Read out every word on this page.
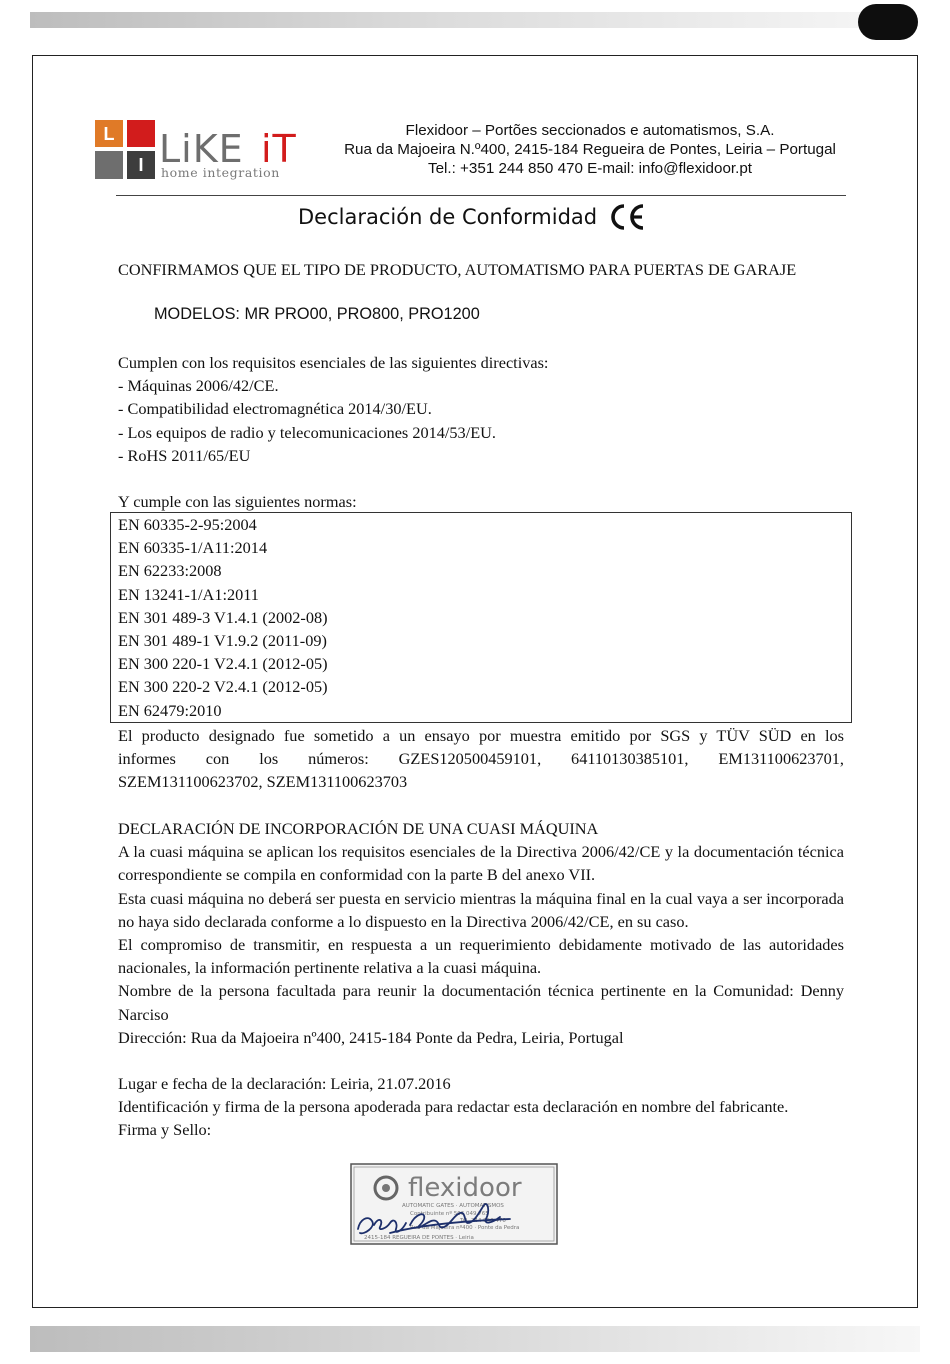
L
I LiKE iT
home integration
Flexidoor – Portões seccionados e automatismos, S.A.
Rua da Majoeira N.º400, 2415-184 Regueira de Pontes, Leiria – Portugal
Tel.: +351 244 850 470 E-mail: info@flexidoor.pt
Declaración de Conformidad
CONFIRMAMOS QUE EL TIPO DE PRODUCTO, AUTOMATISMO PARA PUERTAS DE GARAJE
MODELOS: MR PRO00, PRO800, PRO1200
Cumplen con los requisitos esenciales de las siguientes directivas:
- Máquinas 2006/42/CE.
- Compatibilidad electromagnética 2014/30/EU.
- Los equipos de radio y telecomunicaciones 2014/53/EU.
- RoHS 2011/65/EU
Y cumple con las siguientes normas:
EN 60335-2-95:2004
EN 60335-1/A11:2014
EN 62233:2008
EN 13241-1/A1:2011
EN 301 489-3 V1.4.1 (2002-08)
EN 301 489-1 V1.9.2 (2011-09)
EN 300 220-1 V2.4.1 (2012-05)
EN 300 220-2 V2.4.1 (2012-05)
EN 62479:2010
El producto designado fue sometido a un ensayo por muestra emitido por SGS y TÜV SÜD en los
informes con los números: GZES120500459101, 64110130385101, EM131100623701,
SZEM131100623702, SZEM131100623703
DECLARACIÓN DE INCORPORACIÓN DE UNA CUASI MÁQUINA
A la cuasi máquina se aplican los requisitos esenciales de la Directiva 2006/42/CE y la documentación técnica correspondiente se compila en conformidad con la parte B del anexo VII.
Esta cuasi máquina no deberá ser puesta en servicio mientras la máquina final en la cual vaya a ser incorporada no haya sido declarada conforme a lo dispuesto en la Directiva 2006/42/CE, en su caso.
El compromiso de transmitir, en respuesta a un requerimiento debidamente motivado de las autoridades nacionales, la información pertinente relativa a la cuasi máquina.
Nombre de la persona facultada para reunir la documentación técnica pertinente en la Comunidad: Denny Narciso
Dirección: Rua da Majoeira nº400, 2415-184 Ponte da Pedra, Leiria, Portugal
Lugar e fecha de la declaración: Leiria, 21.07.2016
Identificación y firma de la persona apoderada para redactar esta declaración en nombre del fabricante.
Firma y Sello:
flexidoor
AUTOMATIC GATES · AUTOMATISMOS
Contribuinte nº 506 049 765
Tel. 244 850 470
Rua da Majoeira nº400 · Ponte da Pedra
2415-184 REGUEIRA DE PONTES · Leiria
